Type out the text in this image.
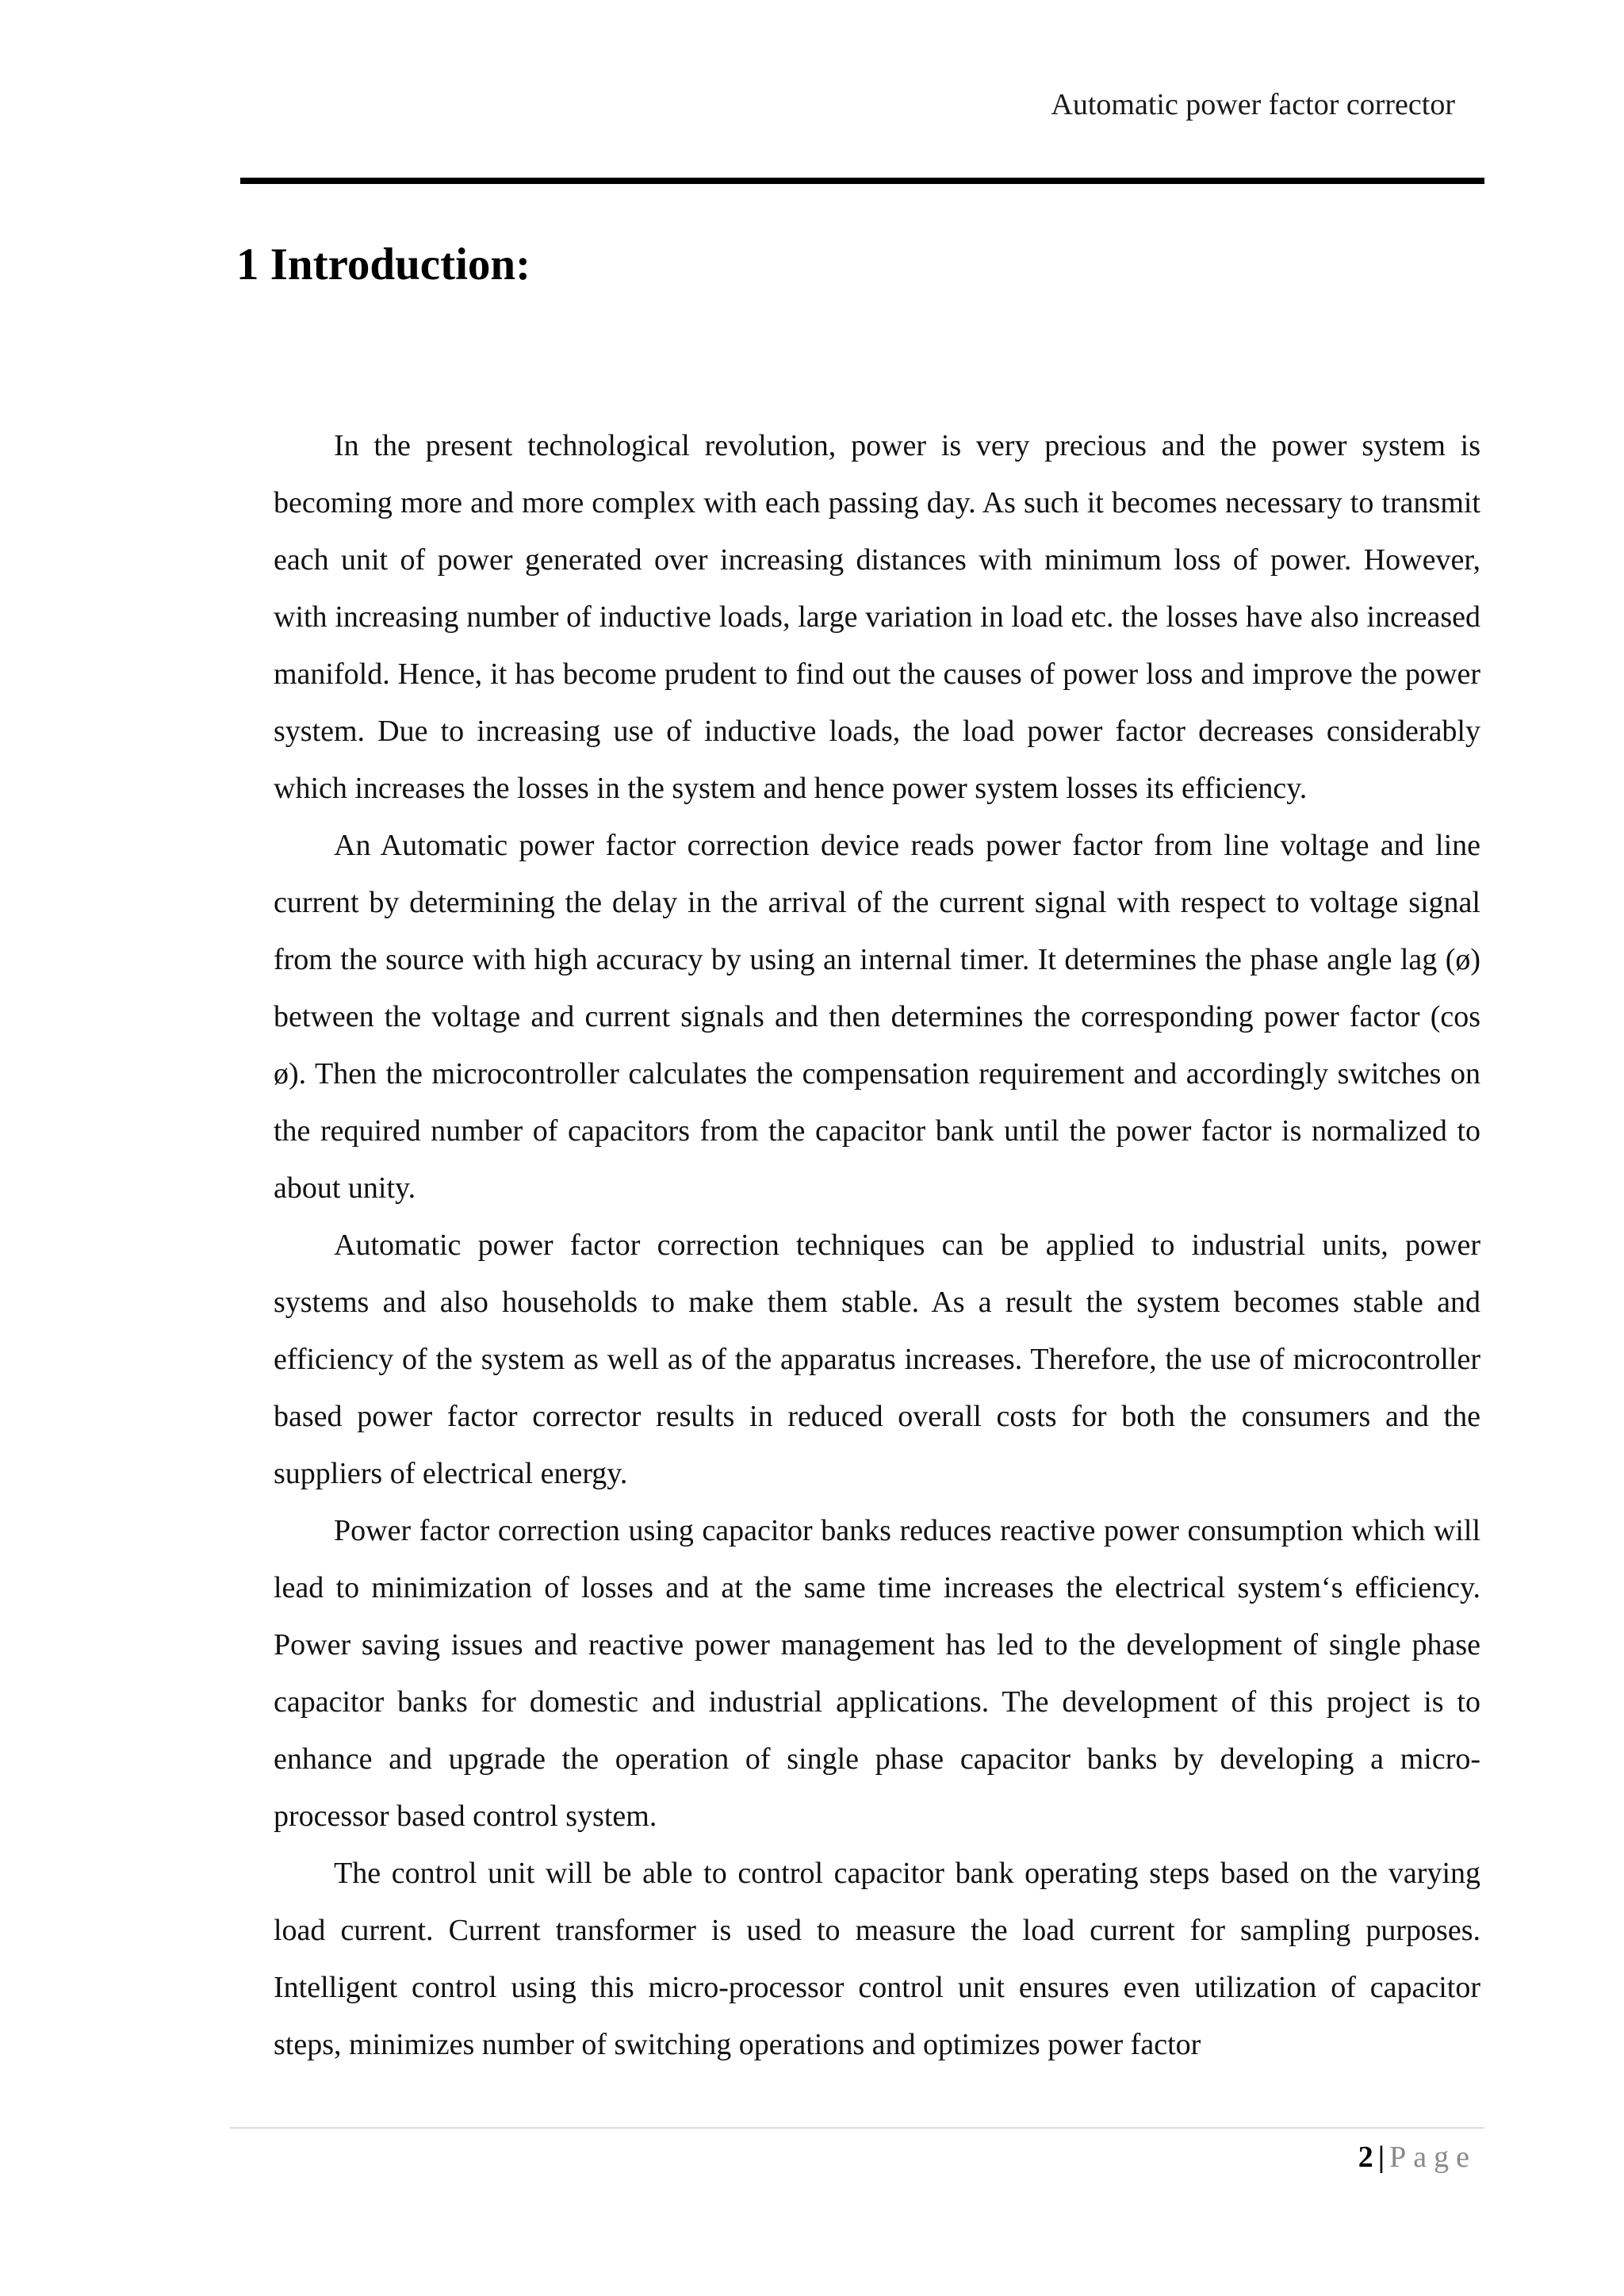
Automatic power factor corrector
1 Introduction:

In the present technological revolution, power is very precious and the power system is becoming more and more complex with each passing day. As such it becomes necessary to transmit each unit of power generated over increasing distances with minimum loss of power. However, with increasing number of inductive loads, large variation in load etc. the losses have also increased manifold. Hence, it has become prudent to find out the causes of power loss and improve the power system. Due to increasing use of inductive loads, the load power factor decreases considerably which increases the losses in the system and hence power system losses its efficiency.

An Automatic power factor correction device reads power factor from line voltage and line current by determining the delay in the arrival of the current signal with respect to voltage signal from the source with high accuracy by using an internal timer. It determines the phase angle lag (ø) between the voltage and current signals and then determines the corresponding power factor (cos ø). Then the microcontroller calculates the compensation requirement and accordingly switches on the required number of capacitors from the capacitor bank until the power factor is normalized to about unity.

Automatic power factor correction techniques can be applied to industrial units, power systems and also households to make them stable. As a result the system becomes stable and efficiency of the system as well as of the apparatus increases. Therefore, the use of microcontroller based power factor corrector results in reduced overall costs for both the consumers and the suppliers of electrical energy.

Power factor correction using capacitor banks reduces reactive power consumption which will lead to minimization of losses and at the same time increases the electrical system‘s efficiency. Power saving issues and reactive power management has led to the development of single phase capacitor banks for domestic and industrial applications. The development of this project is to enhance and upgrade the operation of single phase capacitor banks by developing a micro-processor based control system.

The control unit will be able to control capacitor bank operating steps based on the varying load current. Current transformer is used to measure the load current for sampling purposes. Intelligent control using this micro-processor control unit ensures even utilization of capacitor steps, minimizes number of switching operations and optimizes power factor

2 | Page
